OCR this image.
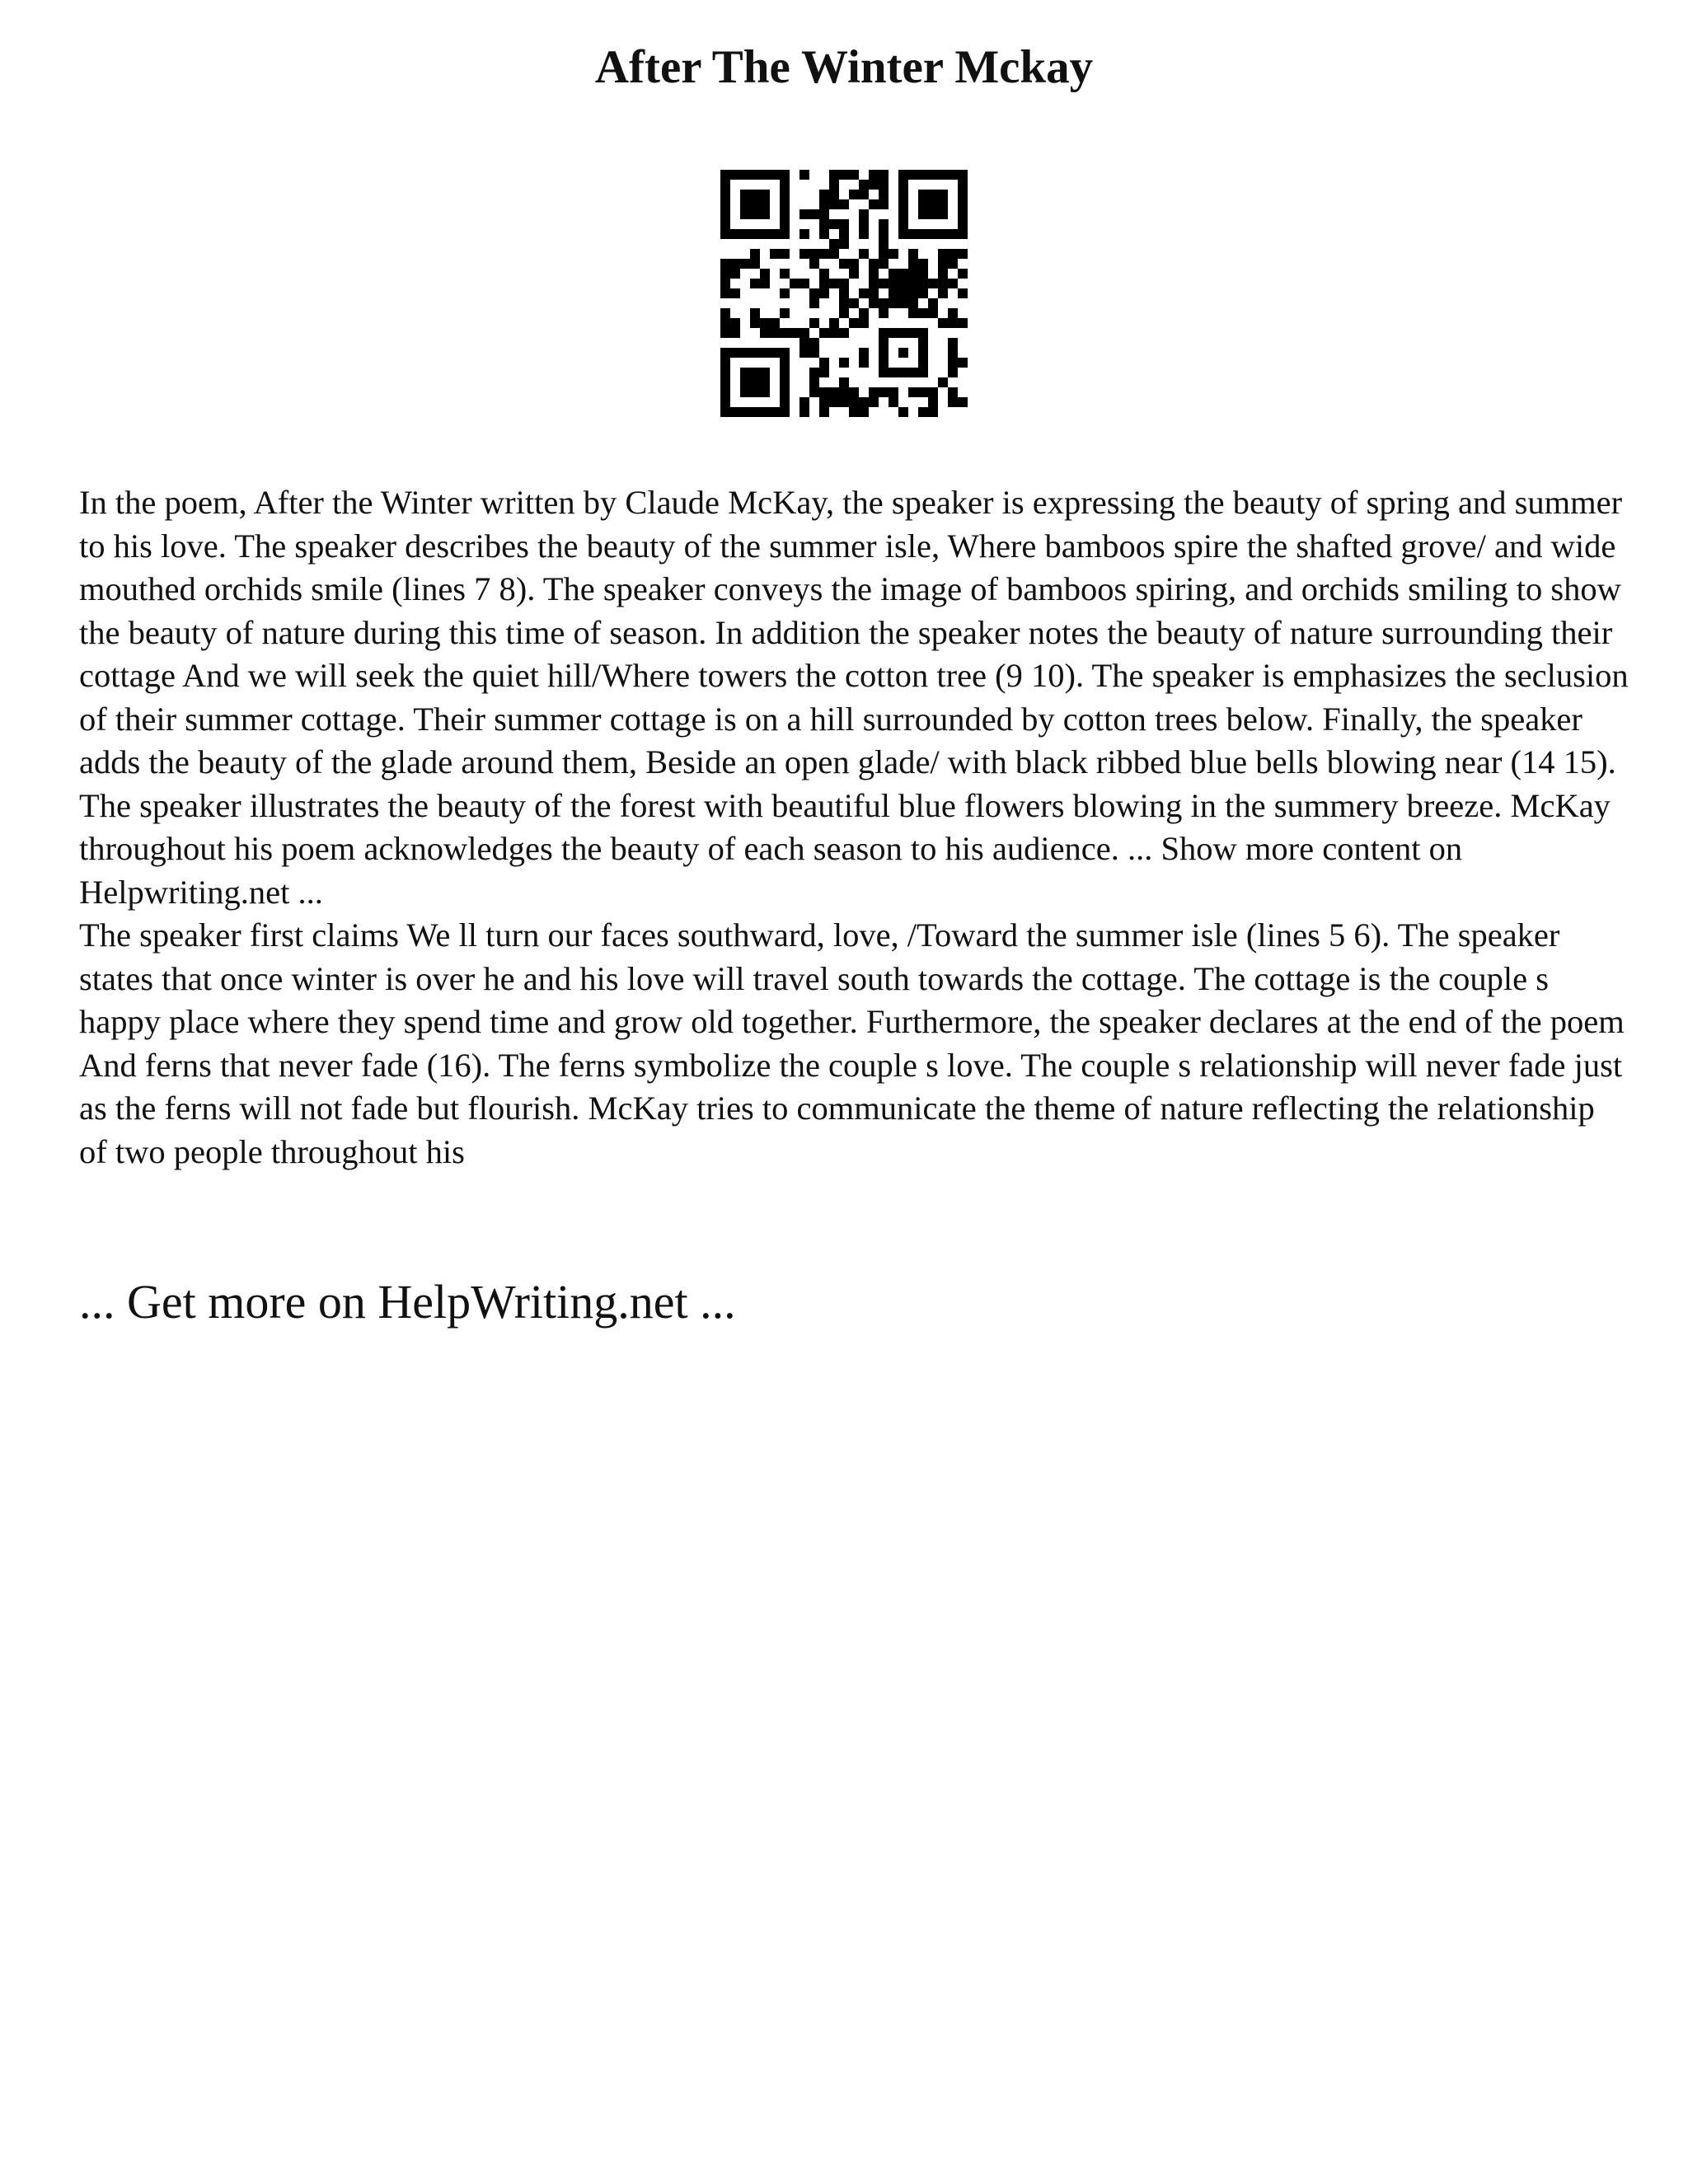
After The Winter Mckay

In the poem, After the Winter written by Claude McKay, the speaker is expressing the beauty of spring and summer to his love. The speaker describes the beauty of the summer isle, Where bamboos spire the shafted grove/ and wide mouthed orchids smile (lines 7 8). The speaker conveys the image of bamboos spiring, and orchids smiling to show the beauty of nature during this time of season. In addition the speaker notes the beauty of nature surrounding their cottage And we will seek the quiet hill/Where towers the cotton tree (9 10). The speaker is emphasizes the seclusion of their summer cottage. Their summer cottage is on a hill surrounded by cotton trees below. Finally, the speaker adds the beauty of the glade around them, Beside an open glade/ with black ribbed blue bells blowing near (14 15). The speaker illustrates the beauty of the forest with beautiful blue flowers blowing in the summery breeze. McKay throughout his poem acknowledges the beauty of each season to his audience. ... Show more content on Helpwriting.net ...

The speaker first claims We ll turn our faces southward, love, /Toward the summer isle (lines 5 6). The speaker states that once winter is over he and his love will travel south towards the cottage. The cottage is the couple s happy place where they spend time and grow old together. Furthermore, the speaker declares at the end of the poem And ferns that never fade (16). The ferns symbolize the couple s love. The couple s relationship will never fade just as the ferns will not fade but flourish. McKay tries to communicate the theme of nature reflecting the relationship of two people throughout his

... Get more on HelpWriting.net ...
